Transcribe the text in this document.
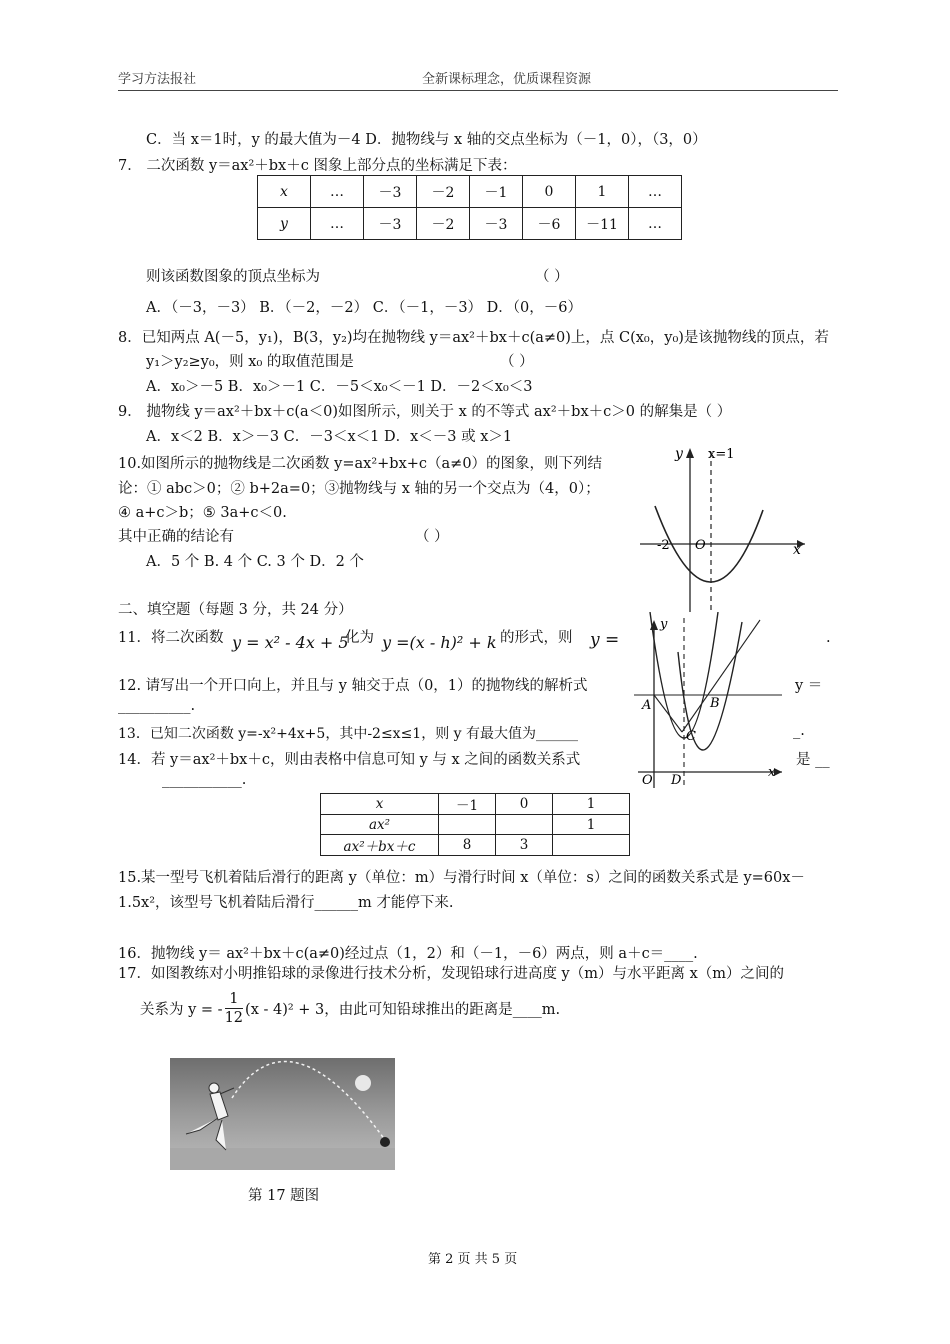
学习方法报社	全新课标理念，优质课程资源
C．当 x＝1时，y 的最大值为－4 D．抛物线与 x 轴的交点坐标为（－1，0），（3，0）
7． 二次函数 y＝ax²＋bx＋c 图象上部分点的坐标满足下表：
x	…	－3	－2	－1	0	1	…
y	…	－3	－2	－3	－6	－11	…
则该函数图象的顶点坐标为	（ ）
A．（－3，－3） B．（－2，－2） C．（－1，－3） D．（0，－6）
8．已知两点 A(－5，y₁)，B(3，y₂)均在抛物线 y＝ax²＋bx＋c(a≠0)上，点 C(x₀，y₀)是该抛物线的顶点，若
y₁＞y₂≥y₀，则 x₀ 的取值范围是	（ ）
A．x₀＞－5 B．x₀＞－1 C．－5＜x₀＜－1 D．－2＜x₀＜3
9． 抛物线 y＝ax²＋bx＋c(a＜0)如图所示，则关于 x 的不等式 ax²＋bx＋c＞0 的解集是（ ）
A．x＜2 B．x＞－3 C．－3＜x＜1 D．x＜－3 或 x＞1
10.如图所示的抛物线是二次函数 y=ax²+bx+c（a≠0）的图象，则下列结
论：① abc＞0；② b+2a=0；③抛物线与 x 轴的另一个交点为（4，0）；
④ a+c＞b；⑤ 3a+c＜0.
其中正确的结论有	（ ）
A．5 个 B. 4 个 C. 3 个 D．2 个
y x=1
x
-2 O
二、填空题（每题 3 分，共 24 分）
11．将二次函数 y = x² - 4x + 5
化为 y =(x - h)² + k 的形式，则 y =	.
12. 请写出一个开口向上，并且与 y 轴交于点（0，1）的抛物线的解析式	y ＝
__________.
13．已知二次函数 y=-x²+4x+5，其中-2≤x≤1，则 y 有最大值为______	_.
14．若 y＝ax²＋bx＋c，则由表格中信息可知 y 与 x 之间的函数关系式	是 __
___________.
y
x
A	B
C
D
O
x	－1	0	1
ax²			1
ax²＋bx＋c	8	3	
15.某一型号飞机着陆后滑行的距离 y（单位：m）与滑行时间 x（单位：s）之间的函数关系式是 y=60x－
1.5x²，该型号飞机着陆后滑行______m 才能停下来.
16．抛物线 y＝ ax²＋bx＋c(a≠0)经过点（1，2）和（－1，－6）两点，则 a＋c＝____.
17．如图教练对小明推铅球的录像进行技术分析，发现铅球行进高度 y（m）与水平距离 x（m）之间的
关系为 y = - $\frac{1}{12} (x - 4)^2 + 3$，由此可知铅球推出的距离是____m.
第 17 题图
第 2 页 共 5 页
